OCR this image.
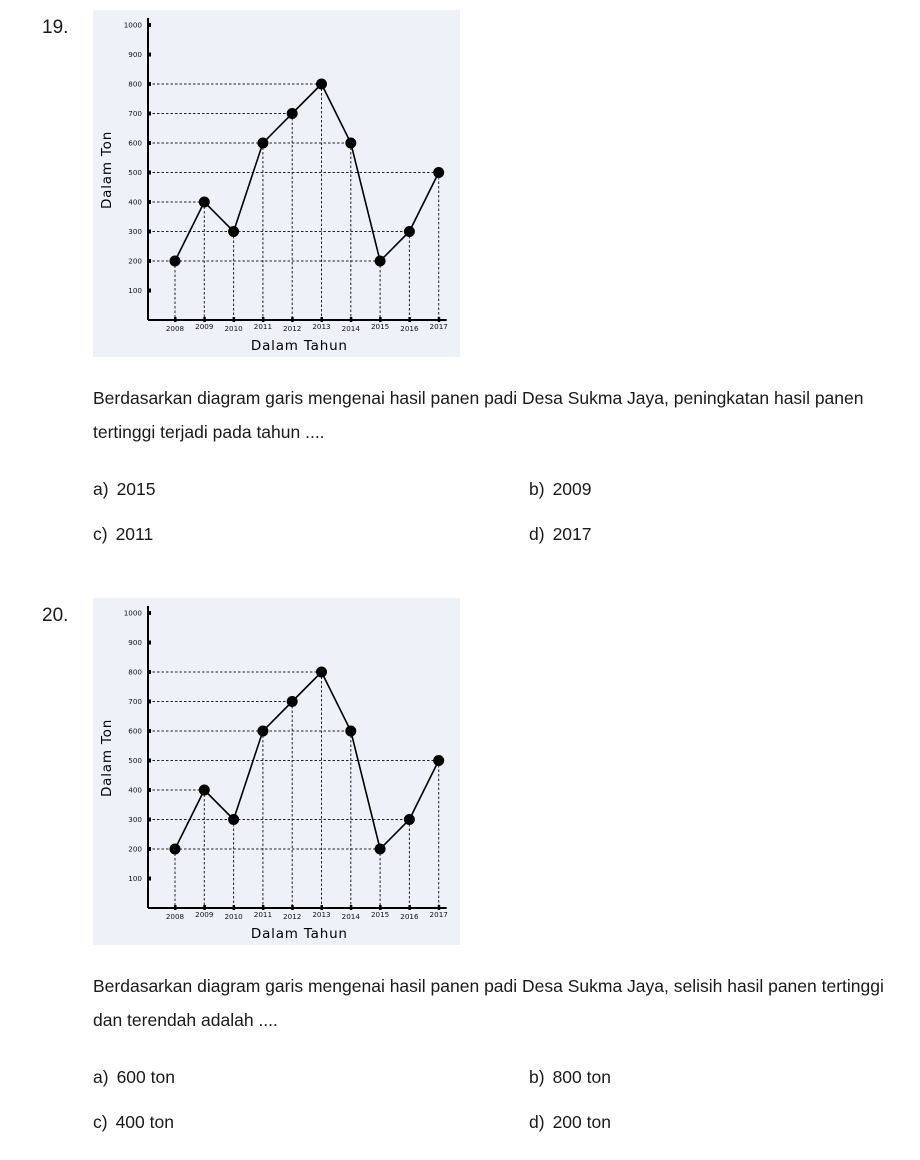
19.
100
200
300
400
500
600
700
800
900
1000
2008 2009 2010 2011 2012 2013 2014 2015 2016 2017
Dalam Tahun
Dalam Ton
Berdasarkan diagram garis mengenai hasil panen padi Desa Sukma Jaya, peningkatan hasil panen tertinggi terjadi pada tahun ....
a) 2015	b) 2009
c) 2011	d) 2017
20.
100
200
300
400
500
600
700
800
900
1000
2008 2009 2010 2011 2012 2013 2014 2015 2016 2017
Dalam Tahun
Dalam Ton
Berdasarkan diagram garis mengenai hasil panen padi Desa Sukma Jaya, selisih hasil panen tertinggi dan terendah adalah ....
a) 600 ton	b) 800 ton
c) 400 ton	d) 200 ton
